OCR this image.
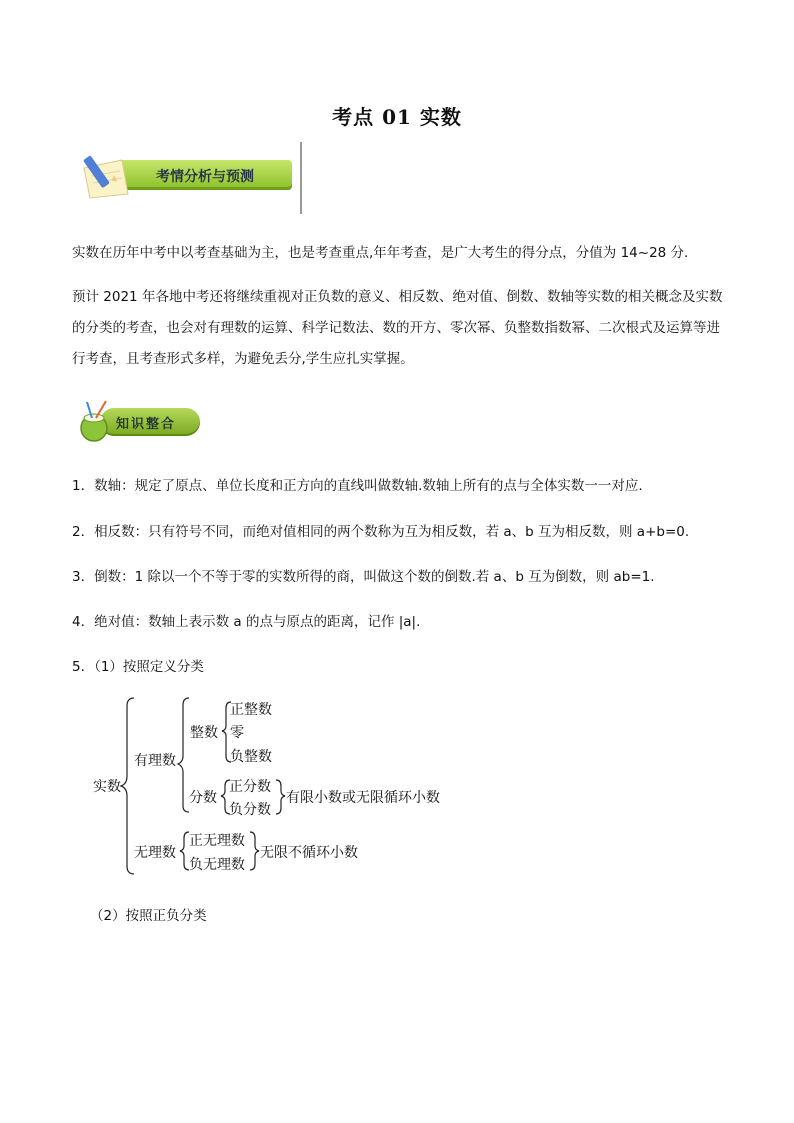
考点 01 实数
考情分析与预测
实数在历年中考中以考查基础为主，也是考查重点,年年考查，是广大考生的得分点，分值为 14~28 分.
预计 2021 年各地中考还将继续重视对正负数的意义、相反数、绝对值、倒数、数轴等实数的相关概念及实数的分类的考查，也会对有理数的运算、科学记数法、数的开方、零次幂、负整数指数幂、二次根式及运算等进行考查，且考查形式多样，为避免丢分,学生应扎实掌握。
知识整合
1．数轴：规定了原点、单位长度和正方向的直线叫做数轴.数轴上所有的点与全体实数一一对应.
2．相反数：只有符号不同，而绝对值相同的两个数称为互为相反数，若 a、b 互为相反数，则 a+b=0.
3．倒数：1 除以一个不等于零的实数所得的商，叫做这个数的倒数.若 a、b 互为倒数，则 ab=1.
4．绝对值：数轴上表示数 a 的点与原点的距离，记作 |a|.
5．（1）按照定义分类
实数
有理数
整数
正整数
零
负整数
分数
正分数
负分数
有限小数或无限循环小数
无理数
正无理数
负无理数
无限不循环小数
（2）按照正负分类
